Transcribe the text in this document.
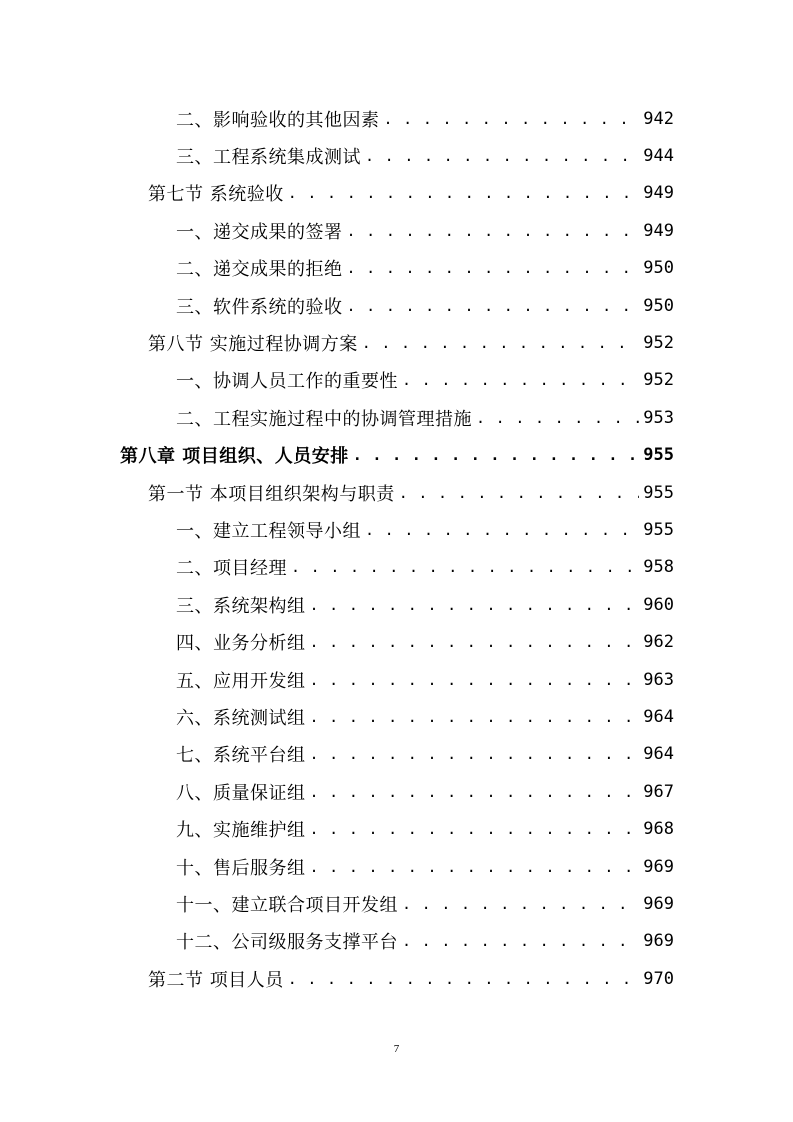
二、影响验收的其他因素 . . .	942
三、工程系统集成测试 . . .	944
第七节 系统验收 . . .	949
一、递交成果的签署 . . .	949
二、递交成果的拒绝 . . .	950
三、软件系统的验收 . . .	950
第八节 实施过程协调方案 . . .	952
一、协调人员工作的重要性 . . .	952
二、工程实施过程中的协调管理措施 . . .	953
第八章 项目组织、人员安排 . . .	955
第一节 本项目组织架构与职责 . . .	955
一、建立工程领导小组 . . .	955
二、项目经理 . . .	958
三、系统架构组 . . .	960
四、业务分析组 . . .	962
五、应用开发组 . . .	963
六、系统测试组 . . .	964
七、系统平台组 . . .	964
八、质量保证组 . . .	967
九、实施维护组 . . .	968
十、售后服务组 . . .	969
十一、建立联合项目开发组 . . .	969
十二、公司级服务支撑平台 . . .	969
第二节 项目人员 . . .	970
7
